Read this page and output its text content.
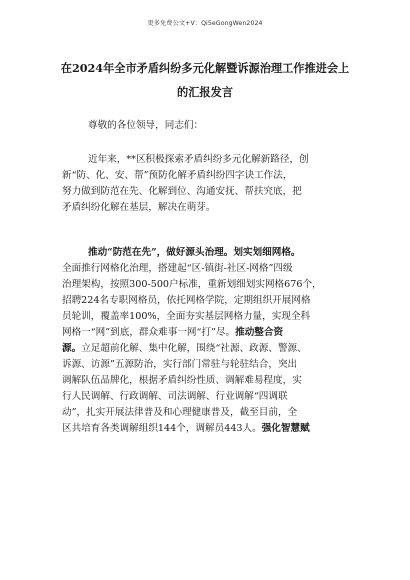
更多免费公文+V：Qi5eGongWen2024
在2024年全市矛盾纠纷多元化解暨诉源治理工作推进会上
的汇报发言
尊敬的各位领导，同志们：
近年来，**区积极探索矛盾纠纷多元化解新路径，创
新“防、化、安、帮”预防化解矛盾纠纷四字诀工作法，
努力做到防范在先、化解到位、沟通安抚、帮扶究底，把
矛盾纠纷化解在基层，解决在萌芽。
推动“防范在先”，做好源头治理。划实划细网格。
全面推行网格化治理，搭建起“区-镇街-社区-网格”四级
治理架构，按照300-500户标准，重新划细划实网格676个，
招聘224名专职网格员，依托网格学院，定期组织开展网格
员轮训，覆盖率100%，全面夯实基层网格力量，实现全科
网格一“网”到底，群众难事一网“打”尽。推动整合资
源。立足超前化解、集中化解，围绕“社源、政源、警源、
诉源、访源”五源防治，实行部门常驻与轮驻结合，突出
调解队伍品牌化，根据矛盾纠纷性质、调解难易程度，实
行人民调解、行政调解、司法调解、行业调解“四调联
动”，扎实开展法律普及和心理健康普及，截至目前，全
区共培育各类调解组织144个，调解员443人。强化智慧赋
